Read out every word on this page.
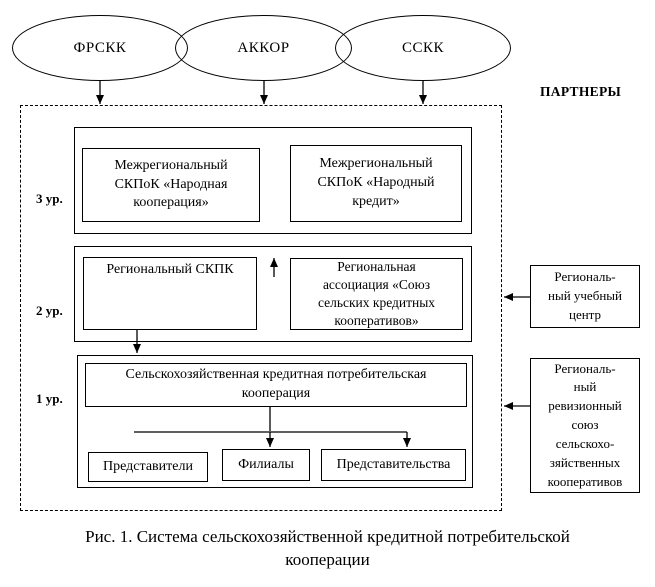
ФРСКК	АККОР	ССКК
ПАРТНЕРЫ
3 ур.
2 ур.
1 ур.
Межрегиональный
СКПоК «Народная
кооперация»
Межрегиональный
СКПоК «Народный
кредит»
Региональный СКПК	Региональная
ассоциация «Союз
сельских кредитных
кооперативов»
Сельскохозяйственная кредитная потребительская
кооперация
Представители	Филиалы	Представительства
Региональ-
ный учебный
центр
Региональ-
ный
ревизионный
союз
сельскохо-
зяйственных
кооперативов
Рис. 1. Система сельскохозяйственной кредитной потребительской
кооперации
